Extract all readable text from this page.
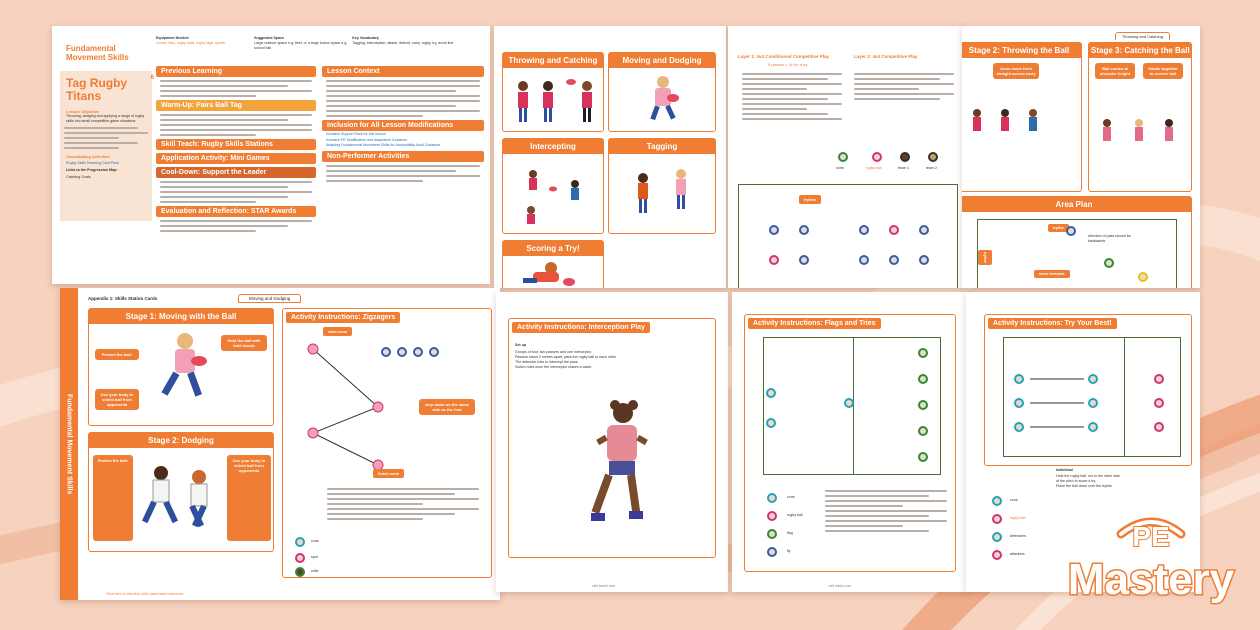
Fundamental Movement Skills
Tag Rugby Titans
6
Lesson Objective
Throwing, dodging and applying a range of rugby skills into small competitive game situations.
Coordinating Activities
Rugby Skills Teaching Card Pack
Links to the Progression Map:
Catching Goals
Equipment Needed
Cones, bibs, rugby balls, rugby tags, sports
Suggested Space
Large outdoor space e.g. field, or a large indoor space e.g. school hall
Key Vocabulary
Tagging, interception, attack, defend, carry, rugby, try, avoid line
Previous Learning
Warm-Up: Pairs Ball Tag
Skill Teach: Rugby Skills Stations
Application Activity: Mini Games
Cool-Down: Support the Leader
Evaluation and Reflection: STAR Awards
Lesson Context
Inclusion for All Lesson Modifications
Inclusive Support Pack for this lesson
Inclusive PE Modification and Adaptation Guidance
Adapting Fundamental Movement Skills for Accessibility Adult Guidance
Non-Performer Activities
Throwing and Catching	Moving and Dodging
Intercepting	Tagging
Scoring a Try!
Layer 1: 4v4 Conditioned Competitive Play
5 passes = 4v for a try
Layer 2: 4v4 Competitive Play
cone	rugby ball	team 1	team 2
tryline
Throwing and Catching
Stage 2: Throwing the Ball
Arms move from straight across body
Stage 3: Catching the Ball
Ball comes at shoulder height
Hands together to receive ball
Area Plan
tryline
tryline
direction of pass should be backwards
move forwards
Fundamental Movement Skills
Appendix 1: Skills Station Cards	Moving and Dodging
Stage 1: Moving with the Ball
Protect the ball:
Use your body to shield ball from opponents
Hold the ball with both hands
Stage 2: Dodging
Protect the ball:	Use your body to shield ball from opponents
Activity Instructions: Zigzagers
start cone
step down on the same side as the foot
finish cone
cone
spot
child
Click here to view this unit's associated resources.
Activity Instructions: Interception Play
Set up
Groups of four, two passers and one interceptor.
Passers stand 2 metres apart, pass the rugby ball to each other.
The defender tries to intercept the pass.
Switch roles once the interceptor makes a catch.
visit twinkl.com
Activity Instructions: Flags and Tries
cone
rugby ball
flag
fly
visit twinkl.com
Activity Instructions: Try Your Best!
Individual
Hold the rugby ball, run to the other side
of the pitch to score a try.
Place the ball down over the tryline.
cone
rugby ball
defenders
attackers
PE
Mastery
